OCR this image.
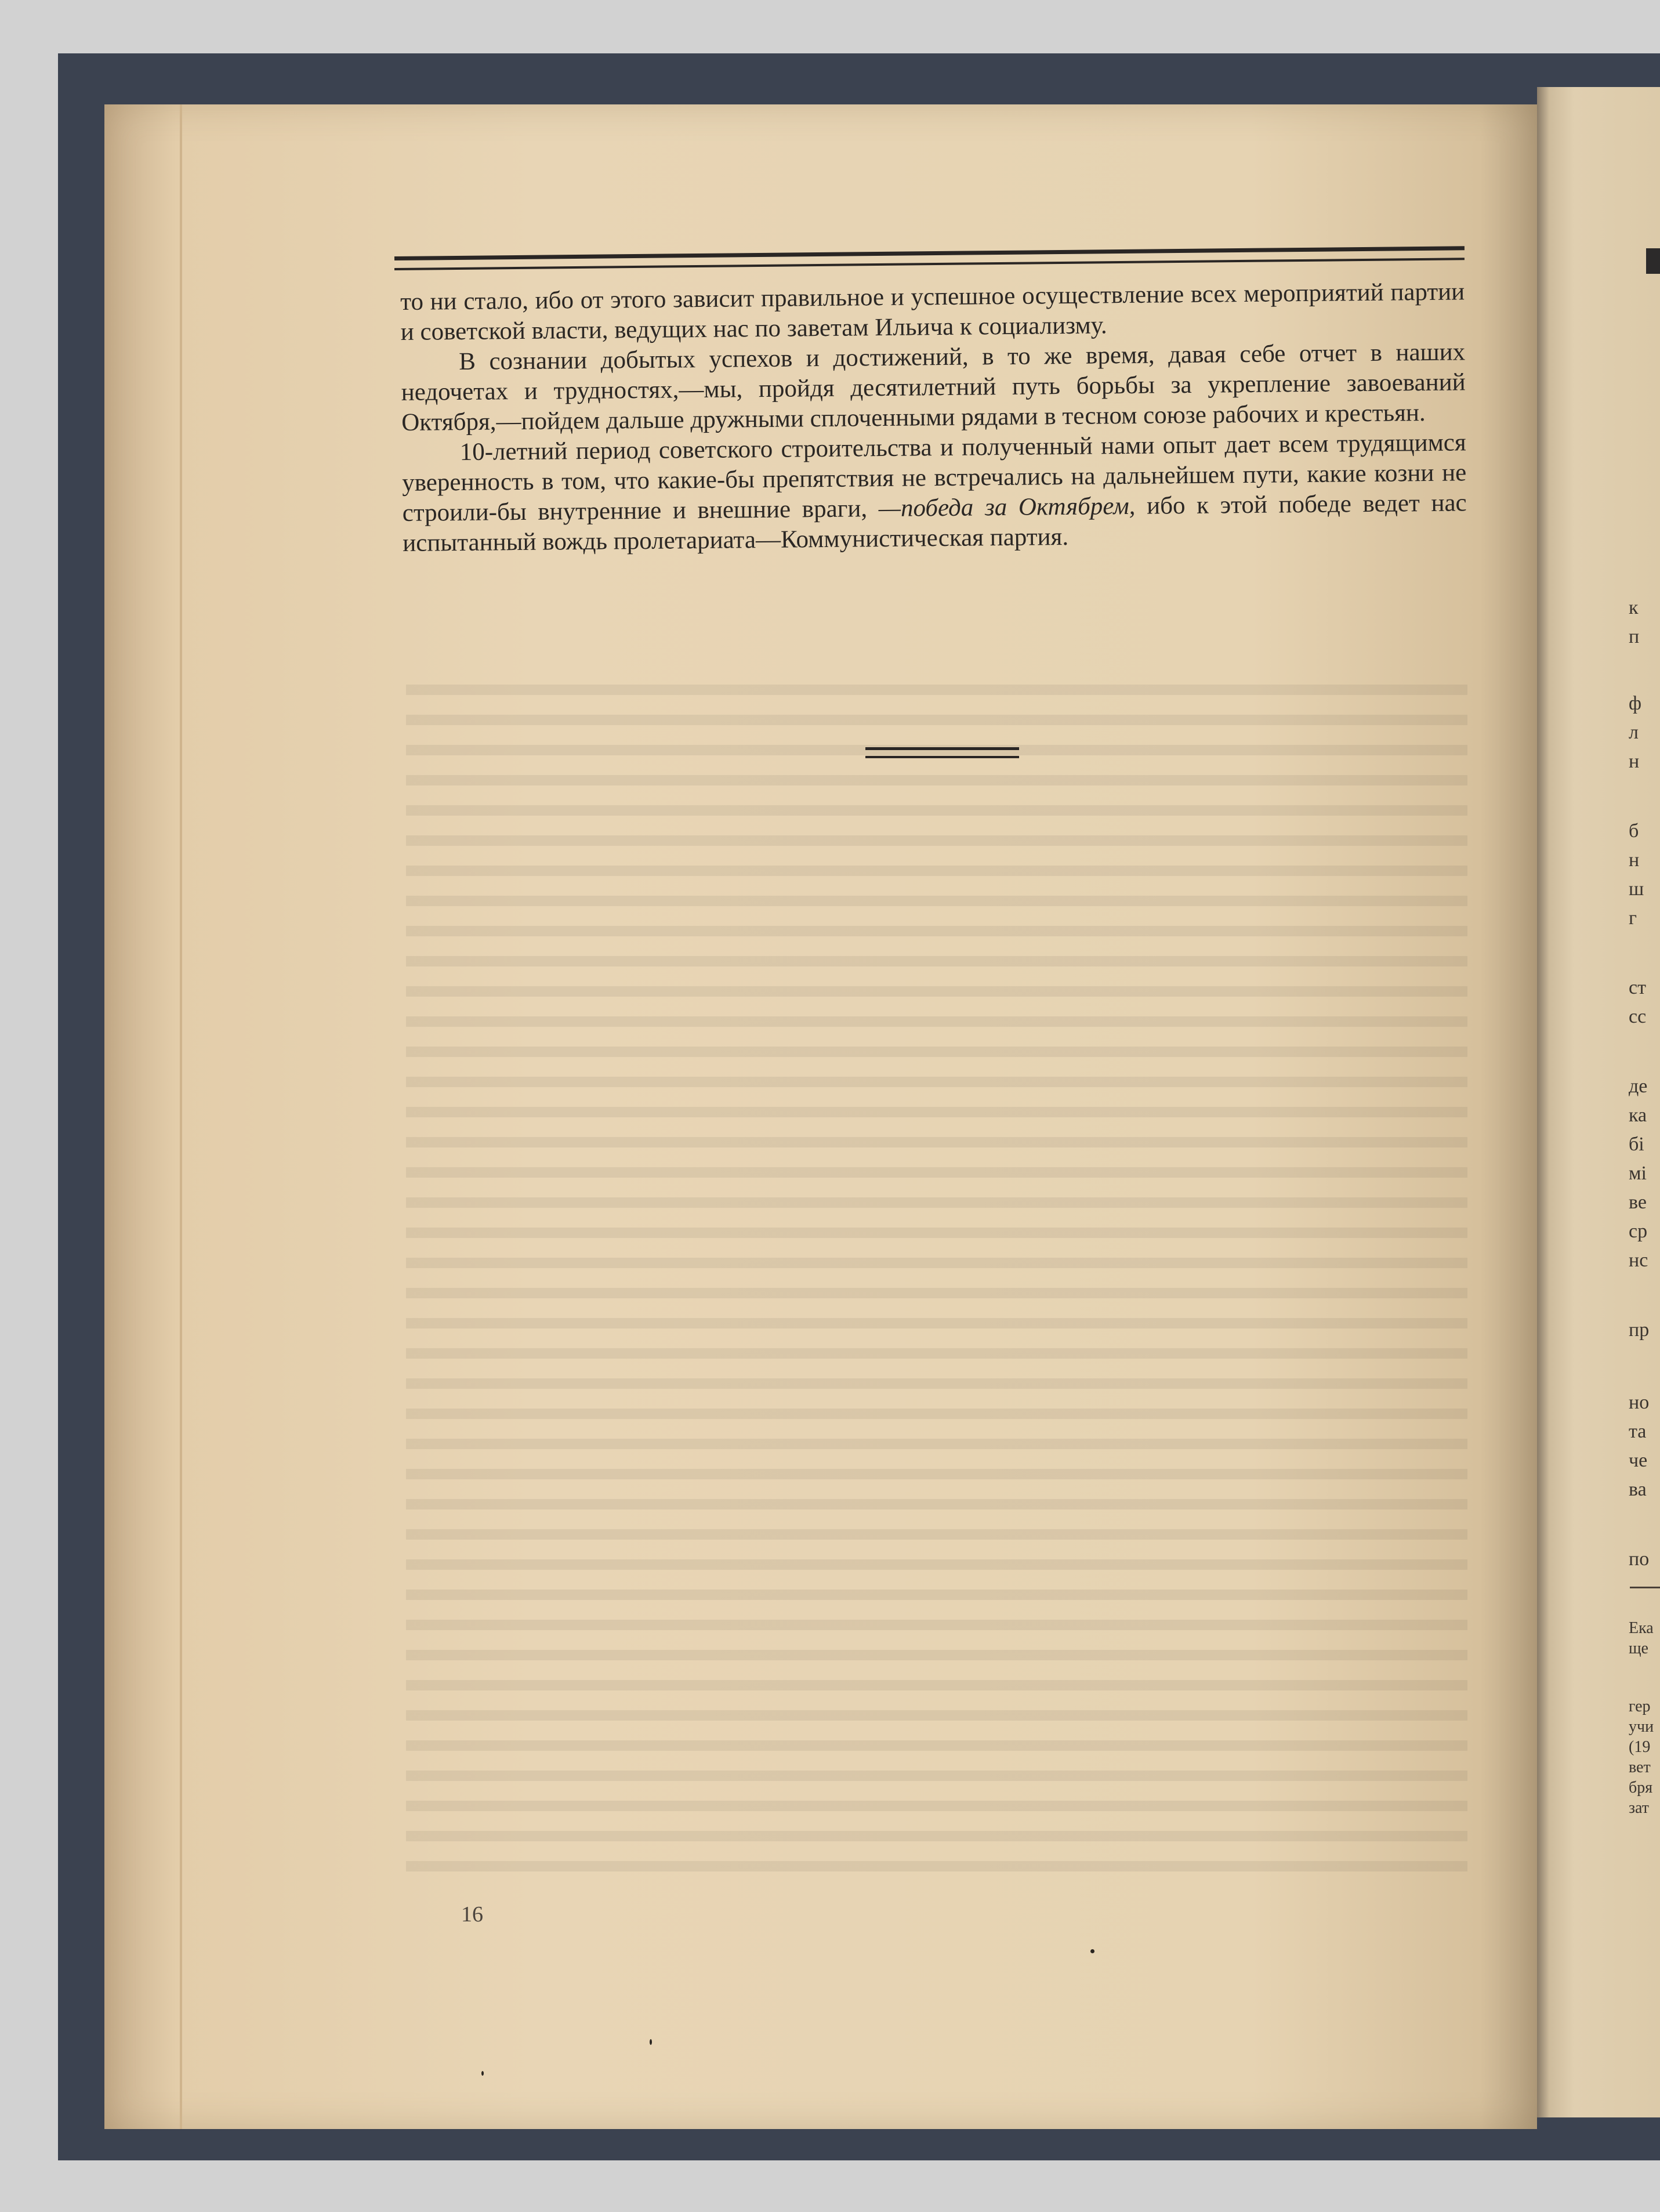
к
п
ф
л
н
б
н
ш
г
ст
сс
де
ка
бі
мі
ве
ср
нс
пр
но
та
че
ва
по
Ека
ще
гер
учи
(19
вет
бря
зат

то ни стало, ибо от этого зависит правильное и успешное осуществление всех мероприятий партии и советской власти, ведущих нас по заветам Ильича к социализму.

В сознании добытых успехов и достижений, в то же время, давая себе отчет в наших недочетах и трудностях,—мы, пройдя десятилетний путь борьбы за укрепление завоеваний Октября,—пойдем дальше дружными сплоченными рядами в тесном союзе рабочих и крестьян.

10-летний период советского строительства и полученный нами опыт дает всем трудящимся уверенность в том, что какие-бы препятствия не встречались на дальнейшем пути, какие козни не строили-бы внутренние и внешние враги, —победа за Октябрем, ибо к этой победе ведет нас испытанный вождь пролетариата—Коммунистическая партия.

16
